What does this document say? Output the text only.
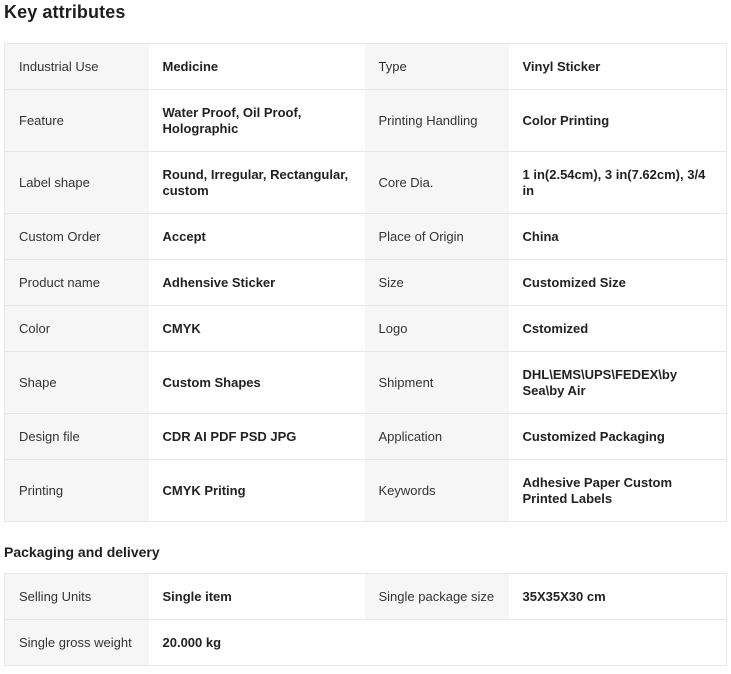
Key attributes
Industrial Use	Medicine	Type	Vinyl Sticker
Feature	Water Proof, Oil Proof, Holographic	Printing Handling	Color Printing
Label shape	Round, Irregular, Rectangular, custom	Core Dia.	1 in(2.54cm), 3 in(7.62cm), 3/4 in
Custom Order	Accept	Place of Origin	China
Product name	Adhensive Sticker	Size	Customized Size
Color	CMYK	Logo	Cstomized
Shape	Custom Shapes	Shipment	DHL\EMS\UPS\FEDEX\by Sea\by Air
Design file	CDR AI PDF PSD JPG	Application	Customized Packaging
Printing	CMYK Priting	Keywords	Adhesive Paper Custom Printed Labels
Packaging and delivery
Selling Units	Single item	Single package size	35X35X30 cm
Single gross weight	20.000 kg		
